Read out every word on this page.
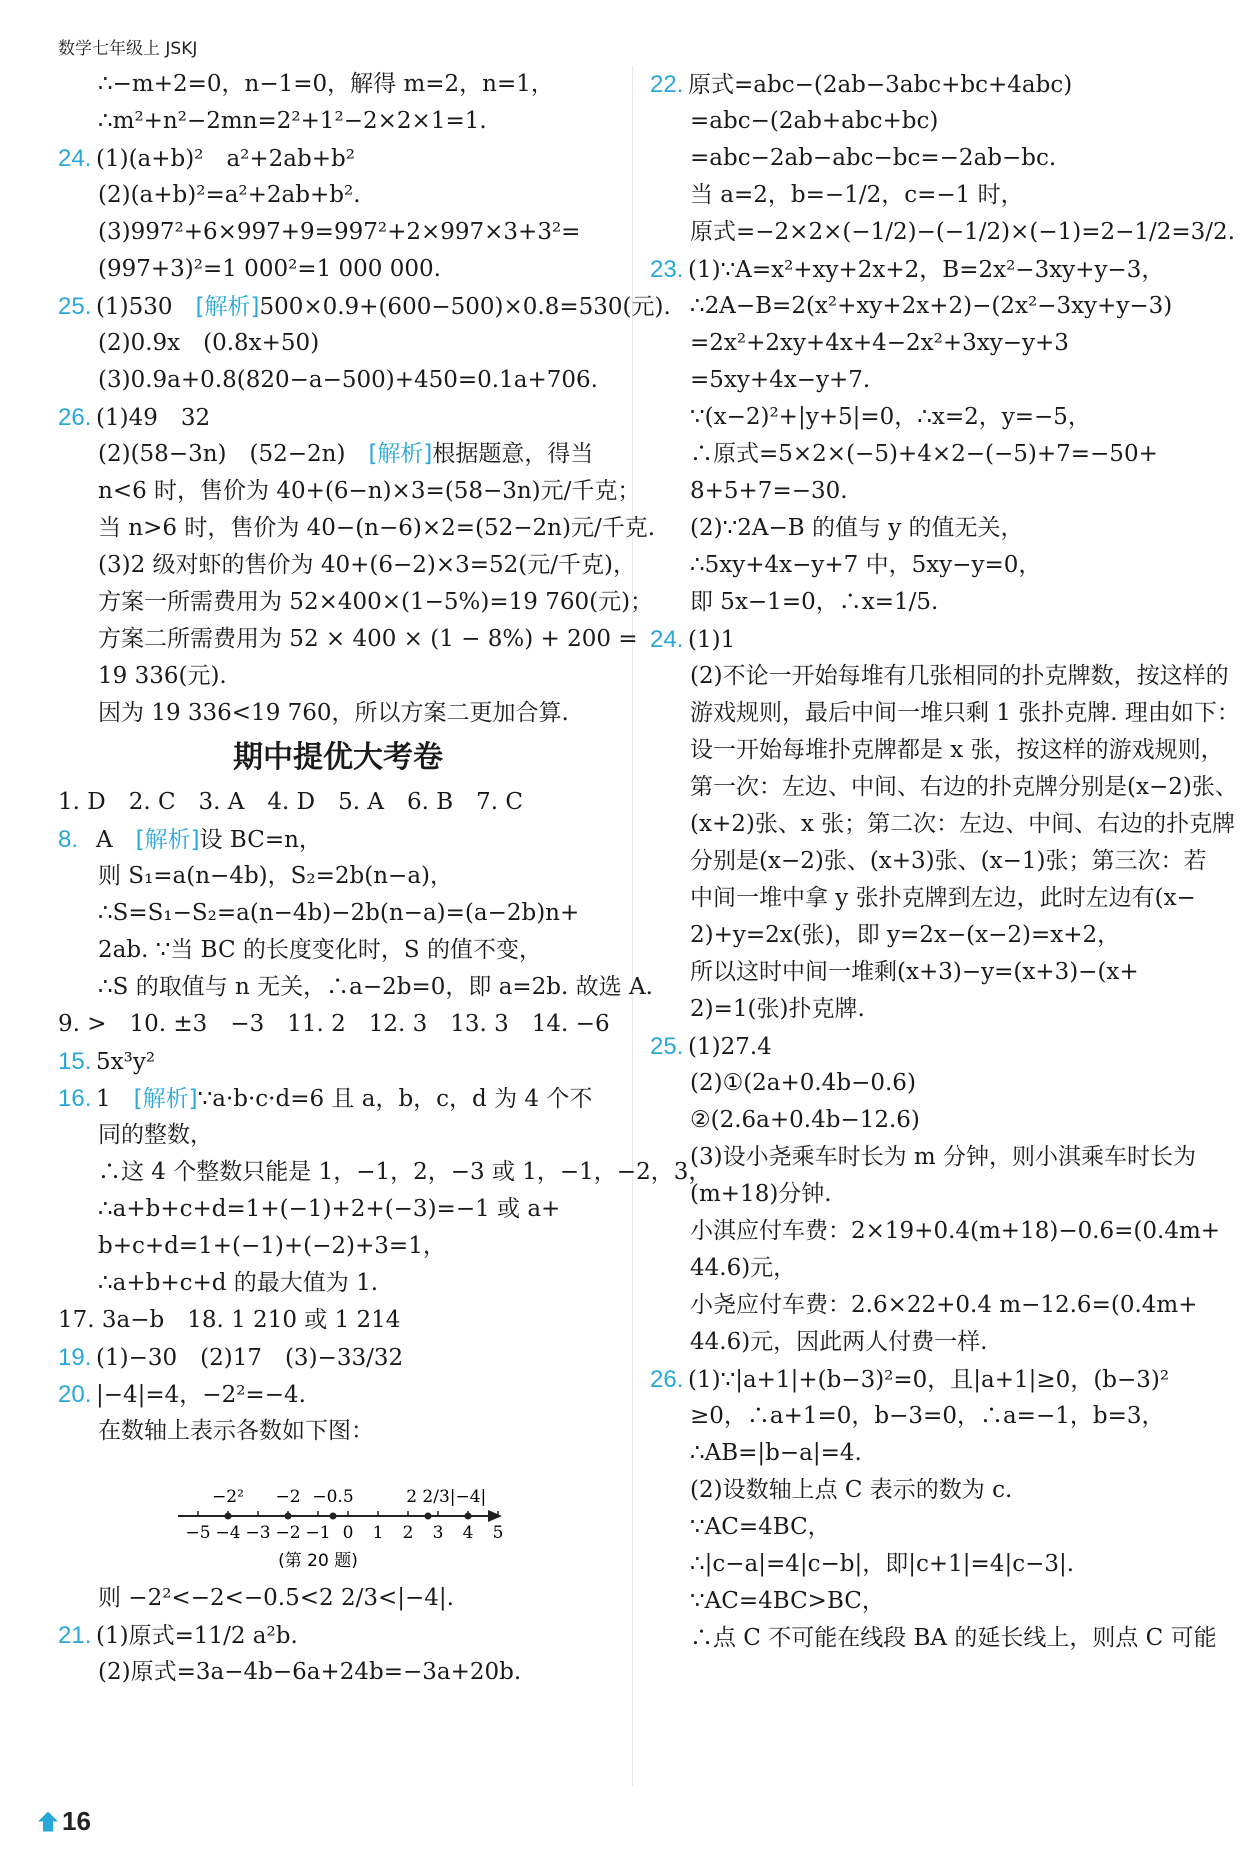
数学七年级上 JSKJ
∴−m+2=0，n−1=0，解得 m=2，n=1，
∴m²+n²−2mn=2²+1²−2×2×1=1.
24. (1)(a+b)²　a²+2ab+b²
(2)(a+b)²=a²+2ab+b².
(3)997²+6×997+9=997²+2×997×3+3²=
(997+3)²=1 000²=1 000 000.
25. (1)530　[解析]500×0.9+(600−500)×0.8=530(元).
(2)0.9x　(0.8x+50)
(3)0.9a+0.8(820−a−500)+450=0.1a+706.
26. (1)49　32
(2)(58−3n)　(52−2n)　[解析]根据题意，得当
n<6 时，售价为 40+(6−n)×3=(58−3n)元/千克；
当 n>6 时，售价为 40−(n−6)×2=(52−2n)元/千克.
(3)2 级对虾的售价为 40+(6−2)×3=52(元/千克)，
方案一所需费用为 52×400×(1−5%)=19 760(元)；
方案二所需费用为 52 × 400 × (1 − 8%) + 200 =
19 336(元).
因为 19 336<19 760，所以方案二更加合算.
期中提优大考卷
1. D　2. C　3. A　4. D　5. A　6. B　7. C
8. A　[解析]设 BC=n，
则 S₁=a(n−4b)，S₂=2b(n−a)，
∴S=S₁−S₂=a(n−4b)−2b(n−a)=(a−2b)n+
2ab. ∵当 BC 的长度变化时，S 的值不变，
∴S 的取值与 n 无关，∴a−2b=0，即 a=2b. 故选 A.
9. >　10. ±3　−3　11. 2　12. 3　13. 3　14. −6
15. 5x³y²
16. 1　[解析]∵a·b·c·d=6 且 a，b，c，d 为 4 个不
同的整数，
∴这 4 个整数只能是 1，−1，2，−3 或 1，−1，−2，3，
∴a+b+c+d=1+(−1)+2+(−3)=−1 或 a+
b+c+d=1+(−1)+(−2)+3=1，
∴a+b+c+d 的最大值为 1.
17. 3a−b　18. 1 210 或 1 214
19. (1)−30　(2)17　(3)−33/32
20. |−4|=4，−2²=−4.
在数轴上表示各数如下图：
−5 −4 −3 −2 −1 0 1 2 3 4 5
−2² −2 −0.5	2 2/3 |−4|
(第 20 题)
则 −2²<−2<−0.5<2 2/3<|−4|.
21. (1)原式=11/2 a²b.
(2)原式=3a−4b−6a+24b=−3a+20b.
22. 原式=abc−(2ab−3abc+bc+4abc)
=abc−(2ab+abc+bc)
=abc−2ab−abc−bc=−2ab−bc.
当 a=2，b=−1/2，c=−1 时，
原式=−2×2×(−1/2)−(−1/2)×(−1)=2−1/2=3/2.
23. (1)∵A=x²+xy+2x+2，B=2x²−3xy+y−3，
∴2A−B=2(x²+xy+2x+2)−(2x²−3xy+y−3)
=2x²+2xy+4x+4−2x²+3xy−y+3
=5xy+4x−y+7.
∵(x−2)²+|y+5|=0，∴x=2，y=−5，
∴原式=5×2×(−5)+4×2−(−5)+7=−50+
8+5+7=−30.
(2)∵2A−B 的值与 y 的值无关，
∴5xy+4x−y+7 中，5xy−y=0，
即 5x−1=0，∴x=1/5.
24. (1)1
(2)不论一开始每堆有几张相同的扑克牌数，按这样的
游戏规则，最后中间一堆只剩 1 张扑克牌. 理由如下：
设一开始每堆扑克牌都是 x 张，按这样的游戏规则，
第一次：左边、中间、右边的扑克牌分别是(x−2)张、
(x+2)张、x 张；第二次：左边、中间、右边的扑克牌
分别是(x−2)张、(x+3)张、(x−1)张；第三次：若
中间一堆中拿 y 张扑克牌到左边，此时左边有(x−
2)+y=2x(张)，即 y=2x−(x−2)=x+2，
所以这时中间一堆剩(x+3)−y=(x+3)−(x+
2)=1(张)扑克牌.
25. (1)27.4
(2)①(2a+0.4b−0.6)
②(2.6a+0.4b−12.6)
(3)设小尧乘车时长为 m 分钟，则小淇乘车时长为
(m+18)分钟.
小淇应付车费：2×19+0.4(m+18)−0.6=(0.4m+
44.6)元，
小尧应付车费：2.6×22+0.4 m−12.6=(0.4m+
44.6)元，因此两人付费一样.
26. (1)∵|a+1|+(b−3)²=0，且|a+1|≥0，(b−3)²
≥0，∴a+1=0，b−3=0，∴a=−1，b=3，
∴AB=|b−a|=4.
(2)设数轴上点 C 表示的数为 c.
∵AC=4BC，
∴|c−a|=4|c−b|，即|c+1|=4|c−3|.
∵AC=4BC>BC，
∴点 C 不可能在线段 BA 的延长线上，则点 C 可能
16
